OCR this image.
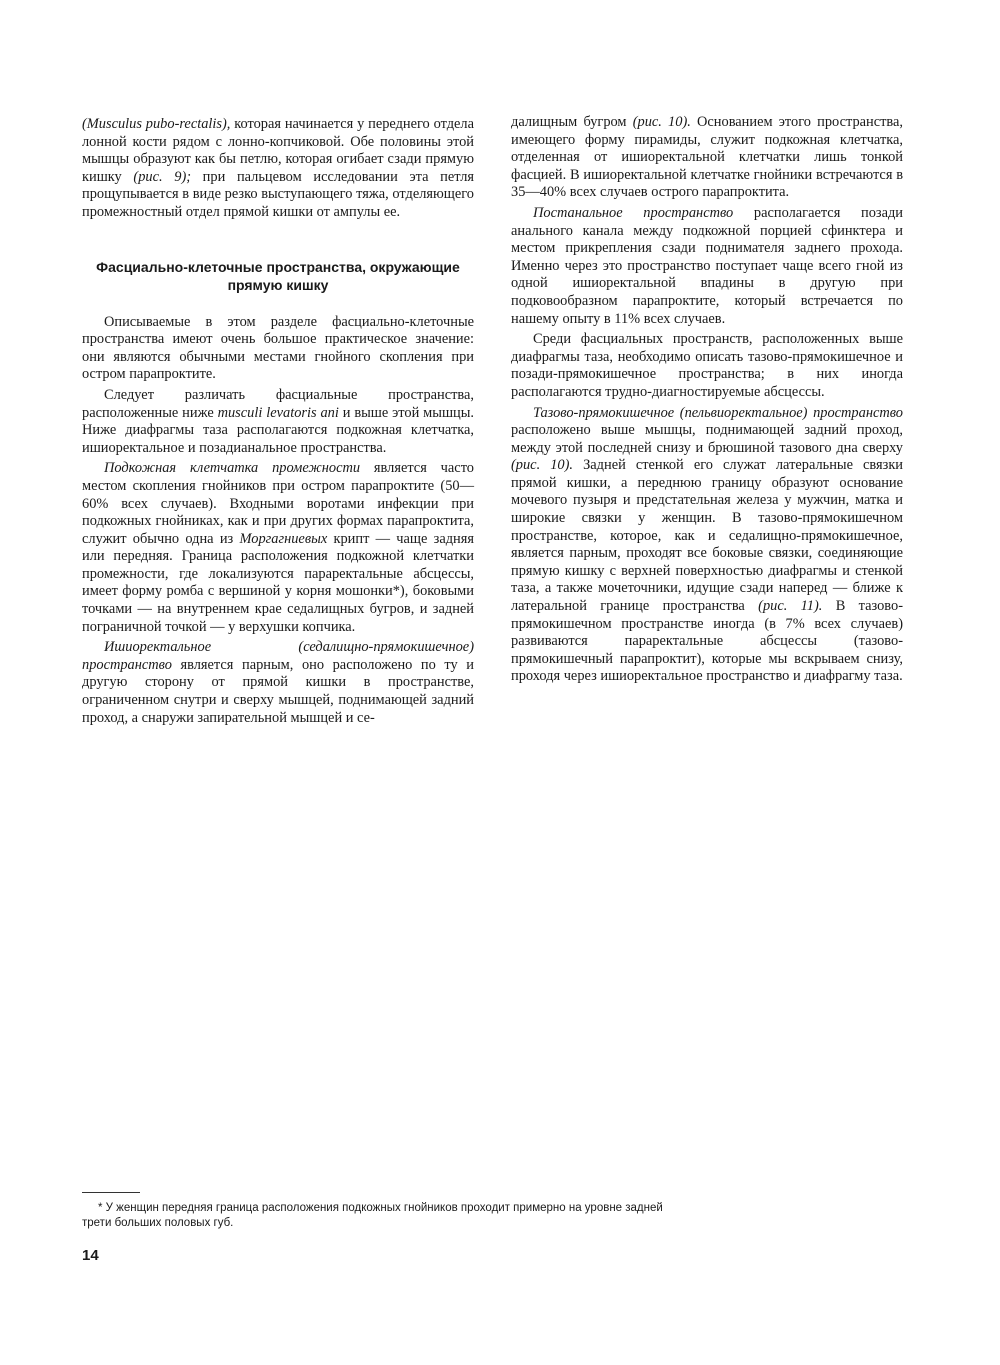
(Musculus pubo-rectalis), которая начинается у переднего отдела лонной кости рядом с лонно-копчиковой. Обе половины этой мышцы образуют как бы петлю, которая огибает сзади прямую кишку (рис. 9); при пальцевом исследовании эта петля прощупывается в виде резко выступающего тяжа, отделяющего промежностный отдел прямой кишки от ампулы ее.

Фасциально-клеточные пространства, окружающие прямую кишку

Описываемые в этом разделе фасциально-клеточные пространства имеют очень большое практическое значение: они являются обычными местами гнойного скопления при остром парапроктите.

Следует различать фасциальные пространства, расположенные ниже musculi levatoris ani и выше этой мышцы. Ниже диафрагмы таза располагаются подкожная клетчатка, ишиоректальное и позадианальное пространства.

Подкожная клетчатка промежности является часто местом скопления гнойников при остром парапроктите (50—60% всех случаев). Входными воротами инфекции при подкожных гнойниках, как и при других формах парапроктита, служит обычно одна из Моргагниевых крипт — чаще задняя или передняя. Граница расположения подкожной клетчатки промежности, где локализуются параректальные абсцессы, имеет форму ромба с вершиной у корня мошонки*), боковыми точками — на внутреннем крае седалищных бугров, и задней пограничной точкой — у верхушки копчика.

Ишиоректальное (седалищно-прямокишечное) пространство является парным, оно расположено по ту и другую сторону от прямой кишки в пространстве, ограниченном снутри и сверху мышцей, поднимающей задний проход, а снаружи запирательной мышцей и се-

далищным бугром (рис. 10). Основанием этого пространства, имеющего форму пирамиды, служит подкожная клетчатка, отделенная от ишиоректальной клетчатки лишь тонкой фасцией. В ишиоректальной клетчатке гнойники встречаются в 35—40% всех случаев острого парапроктита.

Постанальное пространство располагается позади анального канала между подкожной порцией сфинктера и местом прикрепления сзади поднимателя заднего прохода. Именно через это пространство поступает чаще всего гной из одной ишиоректальной впадины в другую при подковообразном парапроктите, который встречается по нашему опыту в 11% всех случаев.

Среди фасциальных пространств, расположенных выше диафрагмы таза, необходимо описать тазово-прямокишечное и позади-прямокишечное пространства; в них иногда располагаются трудно-диагностируемые абсцессы.

Тазово-прямокишечное (пельвиоректальное) пространство расположено выше мышцы, поднимающей задний проход, между этой последней снизу и брюшиной тазового дна сверху (рис. 10). Задней стенкой его служат латеральные связки прямой кишки, а переднюю границу образуют основание мочевого пузыря и предстательная железа у мужчин, матка и широкие связки у женщин. В тазово-прямокишечном пространстве, которое, как и седалищно-прямокишечное, является парным, проходят все боковые связки, соединяющие прямую кишку с верхней поверхностью диафрагмы и стенкой таза, а также мочеточники, идущие сзади наперед — ближе к латеральной границе пространства (рис. 11). В тазово-прямокишечном пространстве иногда (в 7% всех случаев) развиваются параректальные абсцессы (тазово-прямокишечный парапроктит), которые мы вскрываем снизу, проходя через ишиоректальное пространство и диафрагму таза.

* У женщин передняя граница расположения подкожных гнойников проходит примерно на уровне задней трети больших половых губ.
14
